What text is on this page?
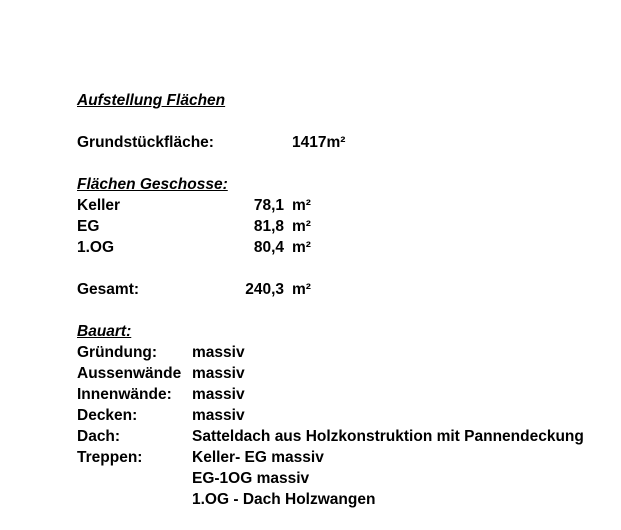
Aufstellung Flächen
Grundstückfläche:	1417m²
Flächen Geschosse:
Keller	78,1 m²
EG	81,8 m²
1.OG	80,4 m²
Gesamt:	240,3 m²
Bauart:
Gründung: massiv
Aussenwände massiv
Innenwände: massiv
Decken:	massiv
Dach:	Satteldach aus Holzkonstruktion mit Pannendeckung
Treppen:	Keller- EG massiv
EG-1OG massiv
1.OG - Dach Holzwangen
